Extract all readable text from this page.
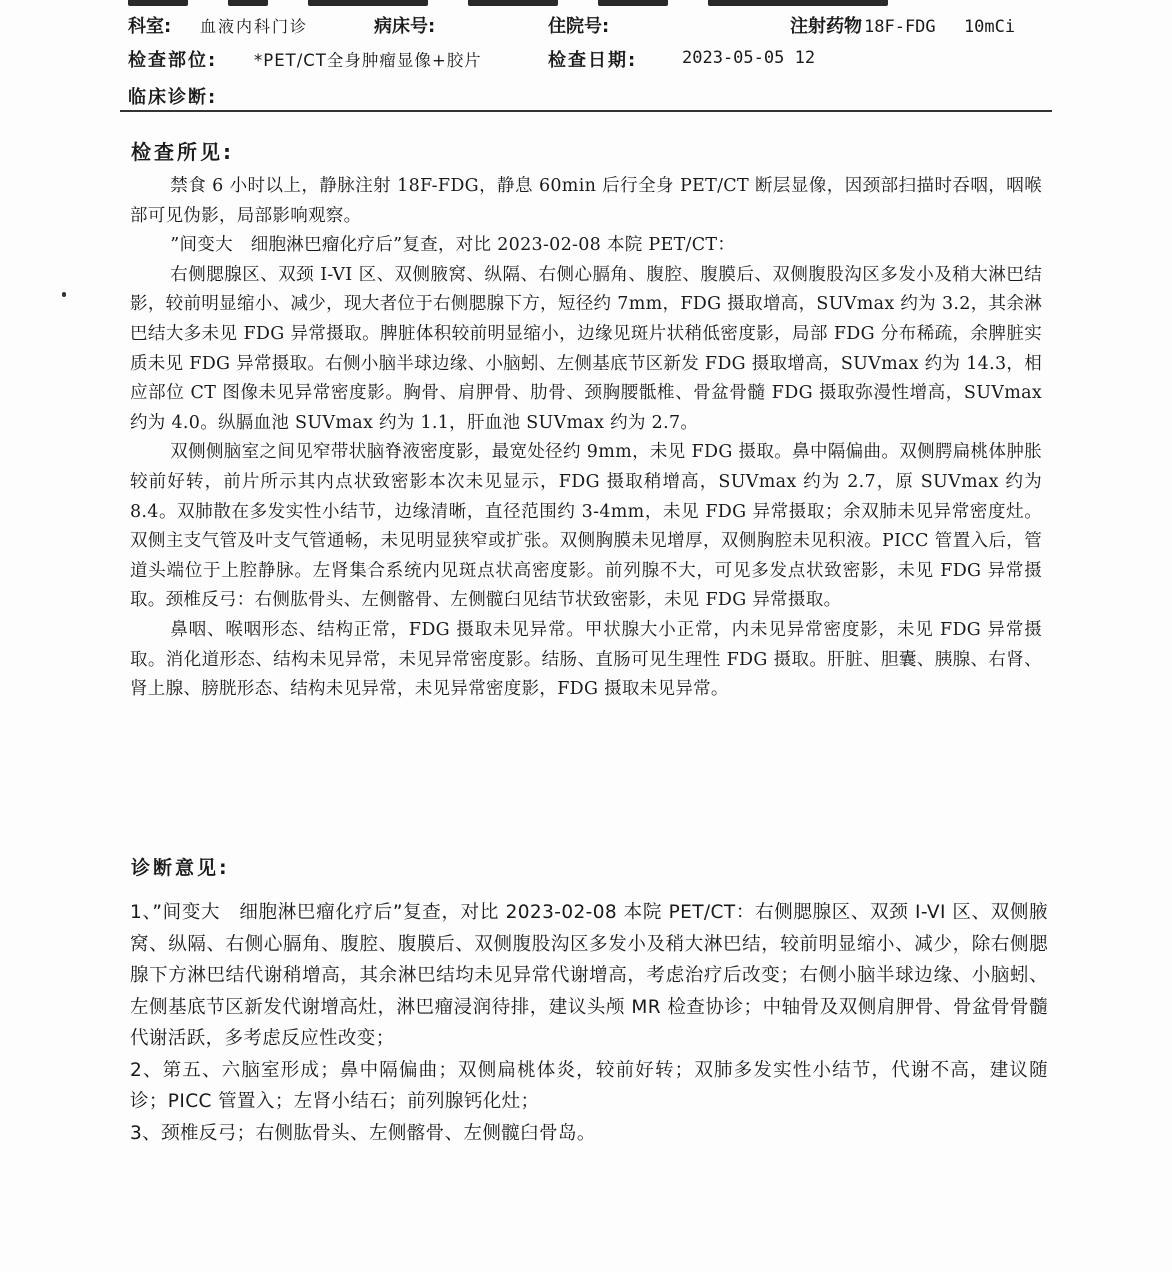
科室: 血液内科门诊	病床号:	住院号:	注射药物 18F-FDG 10mCi
检查部位: *PET/CT全身肿瘤显像+胶片	检查日期:	2023-05-05 12
临床诊断:
检查所见:

禁食 6 小时以上，静脉注射 18F-FDG，静息 60min 后行全身 PET/CT 断层显像，因颈部扫描时吞咽，咽喉部可见伪影，局部影响观察。

”间变大　细胞淋巴瘤化疗后”复查，对比 2023-02-08 本院 PET/CT：

右侧腮腺区、双颈 I-VI 区、双侧腋窝、纵隔、右侧心膈角、腹腔、腹膜后、双侧腹股沟区多发小及稍大淋巴结影，较前明显缩小、减少，现大者位于右侧腮腺下方，短径约 7mm，FDG 摄取增高，SUVmax 约为 3.2，其余淋巴结大多未见 FDG 异常摄取。脾脏体积较前明显缩小，边缘见斑片状稍低密度影，局部 FDG 分布稀疏，余脾脏实质未见 FDG 异常摄取。右侧小脑半球边缘、小脑蚓、左侧基底节区新发 FDG 摄取增高，SUVmax 约为 14.3，相应部位 CT 图像未见异常密度影。胸骨、肩胛骨、肋骨、颈胸腰骶椎、骨盆骨髓 FDG 摄取弥漫性增高，SUVmax 约为 4.0。纵膈血池 SUVmax 约为 1.1，肝血池 SUVmax 约为 2.7。

双侧侧脑室之间见窄带状脑脊液密度影，最宽处径约 9mm，未见 FDG 摄取。鼻中隔偏曲。双侧腭扁桃体肿胀较前好转，前片所示其内点状致密影本次未见显示，FDG 摄取稍增高，SUVmax 约为 2.7，原 SUVmax 约为 8.4。双肺散在多发实性小结节，边缘清晰，直径范围约 3-4mm，未见 FDG 异常摄取；余双肺未见异常密度灶。双侧主支气管及叶支气管通畅，未见明显狭窄或扩张。双侧胸膜未见增厚，双侧胸腔未见积液。PICC 管置入后，管道头端位于上腔静脉。左肾集合系统内见斑点状高密度影。前列腺不大，可见多发点状致密影，未见 FDG 异常摄取。颈椎反弓：右侧肱骨头、左侧髂骨、左侧髋臼见结节状致密影，未见 FDG 异常摄取。

鼻咽、喉咽形态、结构正常，FDG 摄取未见异常。甲状腺大小正常，内未见异常密度影，未见 FDG 异常摄取。消化道形态、结构未见异常，未见异常密度影。结肠、直肠可见生理性 FDG 摄取。肝脏、胆囊、胰腺、右肾、肾上腺、膀胱形态、结构未见异常，未见异常密度影，FDG 摄取未见异常。

诊断意见:

1、”间变大　细胞淋巴瘤化疗后”复查，对比 2023-02-08 本院 PET/CT：右侧腮腺区、双颈 I-VI 区、双侧腋窝、纵隔、右侧心膈角、腹腔、腹膜后、双侧腹股沟区多发小及稍大淋巴结，较前明显缩小、减少，除右侧腮腺下方淋巴结代谢稍增高，其余淋巴结均未见异常代谢增高，考虑治疗后改变；右侧小脑半球边缘、小脑蚓、左侧基底节区新发代谢增高灶，淋巴瘤浸润待排，建议头颅 MR 检查协诊；中轴骨及双侧肩胛骨、骨盆骨骨髓代谢活跃，多考虑反应性改变；

2、第五、六脑室形成；鼻中隔偏曲；双侧扁桃体炎，较前好转；双肺多发实性小结节，代谢不高，建议随诊；PICC 管置入；左肾小结石；前列腺钙化灶；

3、颈椎反弓；右侧肱骨头、左侧髂骨、左侧髋臼骨岛。
